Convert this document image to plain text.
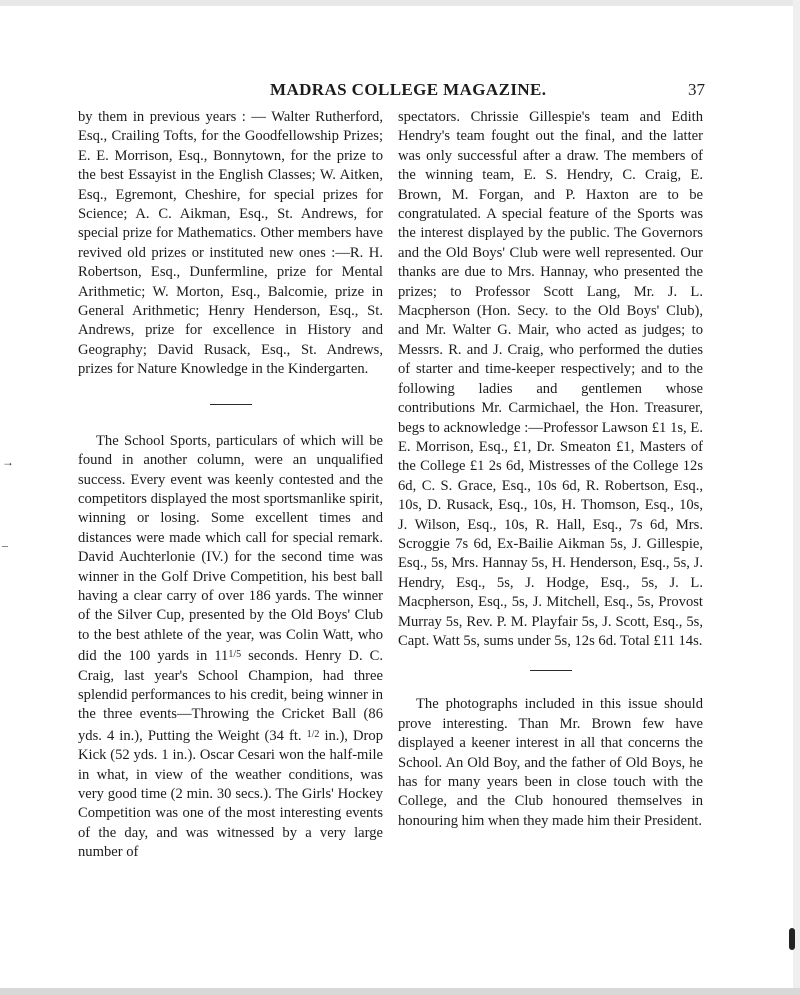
MADRAS COLLEGE MAGAZINE.	37
→
–

by them in previous years : — Walter Rutherford, Esq., Crailing Tofts, for the Goodfellowship Prizes; E. E. Morrison, Esq., Bonnytown, for the prize to the best Essayist in the English Classes; W. Aitken, Esq., Egremont, Cheshire, for special prizes for Science; A. C. Aikman, Esq., St. Andrews, for special prize for Mathematics. Other members have revived old prizes or instituted new ones :—R. H. Robertson, Esq., Dunfermline, prize for Mental Arithmetic; W. Morton, Esq., Balcomie, prize in General Arithmetic; Henry Henderson, Esq., St. Andrews, prize for excellence in History and Geography; David Rusack, Esq., St. Andrews, prizes for Nature Knowledge in the Kindergarten.

The School Sports, particulars of which will be found in another column, were an unqualified success. Every event was keenly contested and the competitors displayed the most sportsmanlike spirit, winning or losing. Some excellent times and distances were made which call for special remark. David Auchterlonie (IV.) for the second time was winner in the Golf Drive Competition, his best ball having a clear carry of over 186 yards. The winner of the Silver Cup, presented by the Old Boys' Club to the best athlete of the year, was Colin Watt, who did the 100 yards in $11^{1/5}$ seconds. Henry D. C. Craig, last year's School Champion, had three splendid performances to his credit, being winner in the three events—Throwing the Cricket Ball (86 yds. 4 in.), Putting the Weight (34 ft. $^{1/2}$ in.), Drop Kick (52 yds. 1 in.). Oscar Cesari won the half-mile in what, in view of the weather conditions, was very good time (2 min. 30 secs.). The Girls' Hockey Competition was one of the most interesting events of the day, and was witnessed by a very large number of

spectators. Chrissie Gillespie's team and Edith Hendry's team fought out the final, and the latter was only successful after a draw. The members of the winning team, E. S. Hendry, C. Craig, E. Brown, M. Forgan, and P. Haxton are to be congratulated. A special feature of the Sports was the interest displayed by the public. The Governors and the Old Boys' Club were well represented. Our thanks are due to Mrs. Hannay, who presented the prizes; to Professor Scott Lang, Mr. J. L. Macpherson (Hon. Secy. to the Old Boys' Club), and Mr. Walter G. Mair, who acted as judges; to Messrs. R. and J. Craig, who performed the duties of starter and time-keeper respectively; and to the following ladies and gentlemen whose contributions Mr. Carmichael, the Hon. Treasurer, begs to acknowledge :—Professor Lawson £1 1s, E. E. Morrison, Esq., £1, Dr. Smeaton £1, Masters of the College £1 2s 6d, Mistresses of the College 12s 6d, C. S. Grace, Esq., 10s 6d, R. Robertson, Esq., 10s, D. Rusack, Esq., 10s, H. Thomson, Esq., 10s, J. Wilson, Esq., 10s, R. Hall, Esq., 7s 6d, Mrs. Scroggie 7s 6d, Ex-Bailie Aikman 5s, J. Gillespie, Esq., 5s, Mrs. Hannay 5s, H. Henderson, Esq., 5s, J. Hendry, Esq., 5s, J. Hodge, Esq., 5s, J. L. Macpherson, Esq., 5s, J. Mitchell, Esq., 5s, Provost Murray 5s, Rev. P. M. Playfair 5s, J. Scott, Esq., 5s, Capt. Watt 5s, sums under 5s, 12s 6d. Total £11 14s.

The photographs included in this issue should prove interesting. Than Mr. Brown few have displayed a keener interest in all that concerns the School. An Old Boy, and the father of Old Boys, he has for many years been in close touch with the College, and the Club honoured themselves in honouring him when they made him their President.
